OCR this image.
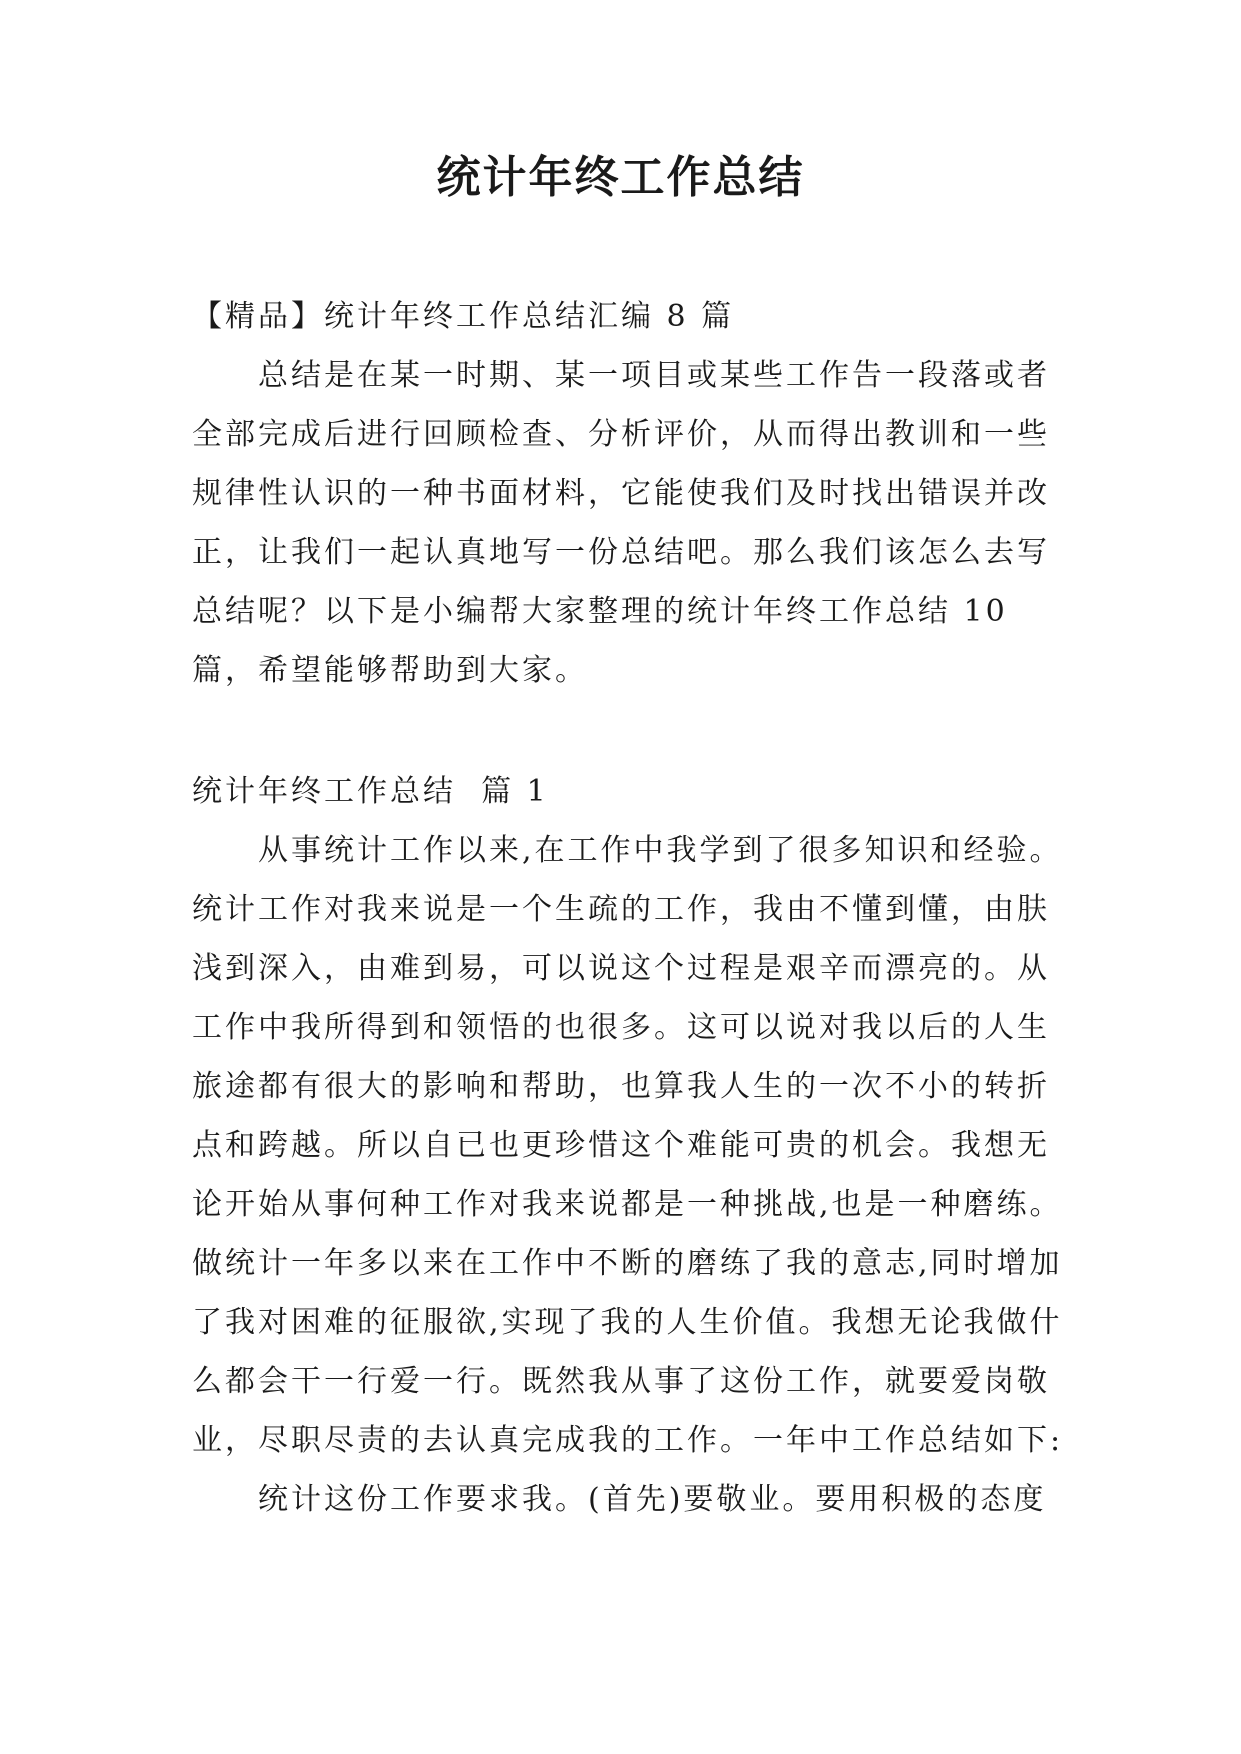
统计年终工作总结

【精品】统计年终工作总结汇编 8 篇

总结是在某一时期、某一项目或某些工作告一段落或者全部完成后进行回顾检查、分析评价，从而得出教训和一些规律性认识的一种书面材料，它能使我们及时找出错误并改正，让我们一起认真地写一份总结吧。那么我们该怎么去写总结呢？以下是小编帮大家整理的统计年终工作总结 10 篇，希望能够帮助到大家。

统计年终工作总结  篇 1

从事统计工作以来,在工作中我学到了很多知识和经验。统计工作对我来说是一个生疏的工作，我由不懂到懂，由肤浅到深入，由难到易，可以说这个过程是艰辛而漂亮的。从工作中我所得到和领悟的也很多。这可以说对我以后的人生旅途都有很大的影响和帮助，也算我人生的一次不小的转折点和跨越。所以自已也更珍惜这个难能可贵的机会。我想无论开始从事何种工作对我来说都是一种挑战,也是一种磨练。做统计一年多以来在工作中不断的磨练了我的意志,同时增加了我对困难的征服欲,实现了我的人生价值。我想无论我做什么都会干一行爱一行。既然我从事了这份工作，就要爱岗敬业，尽职尽责的去认真完成我的工作。一年中工作总结如下:

统计这份工作要求我。(首先)要敬业。要用积极的态度
